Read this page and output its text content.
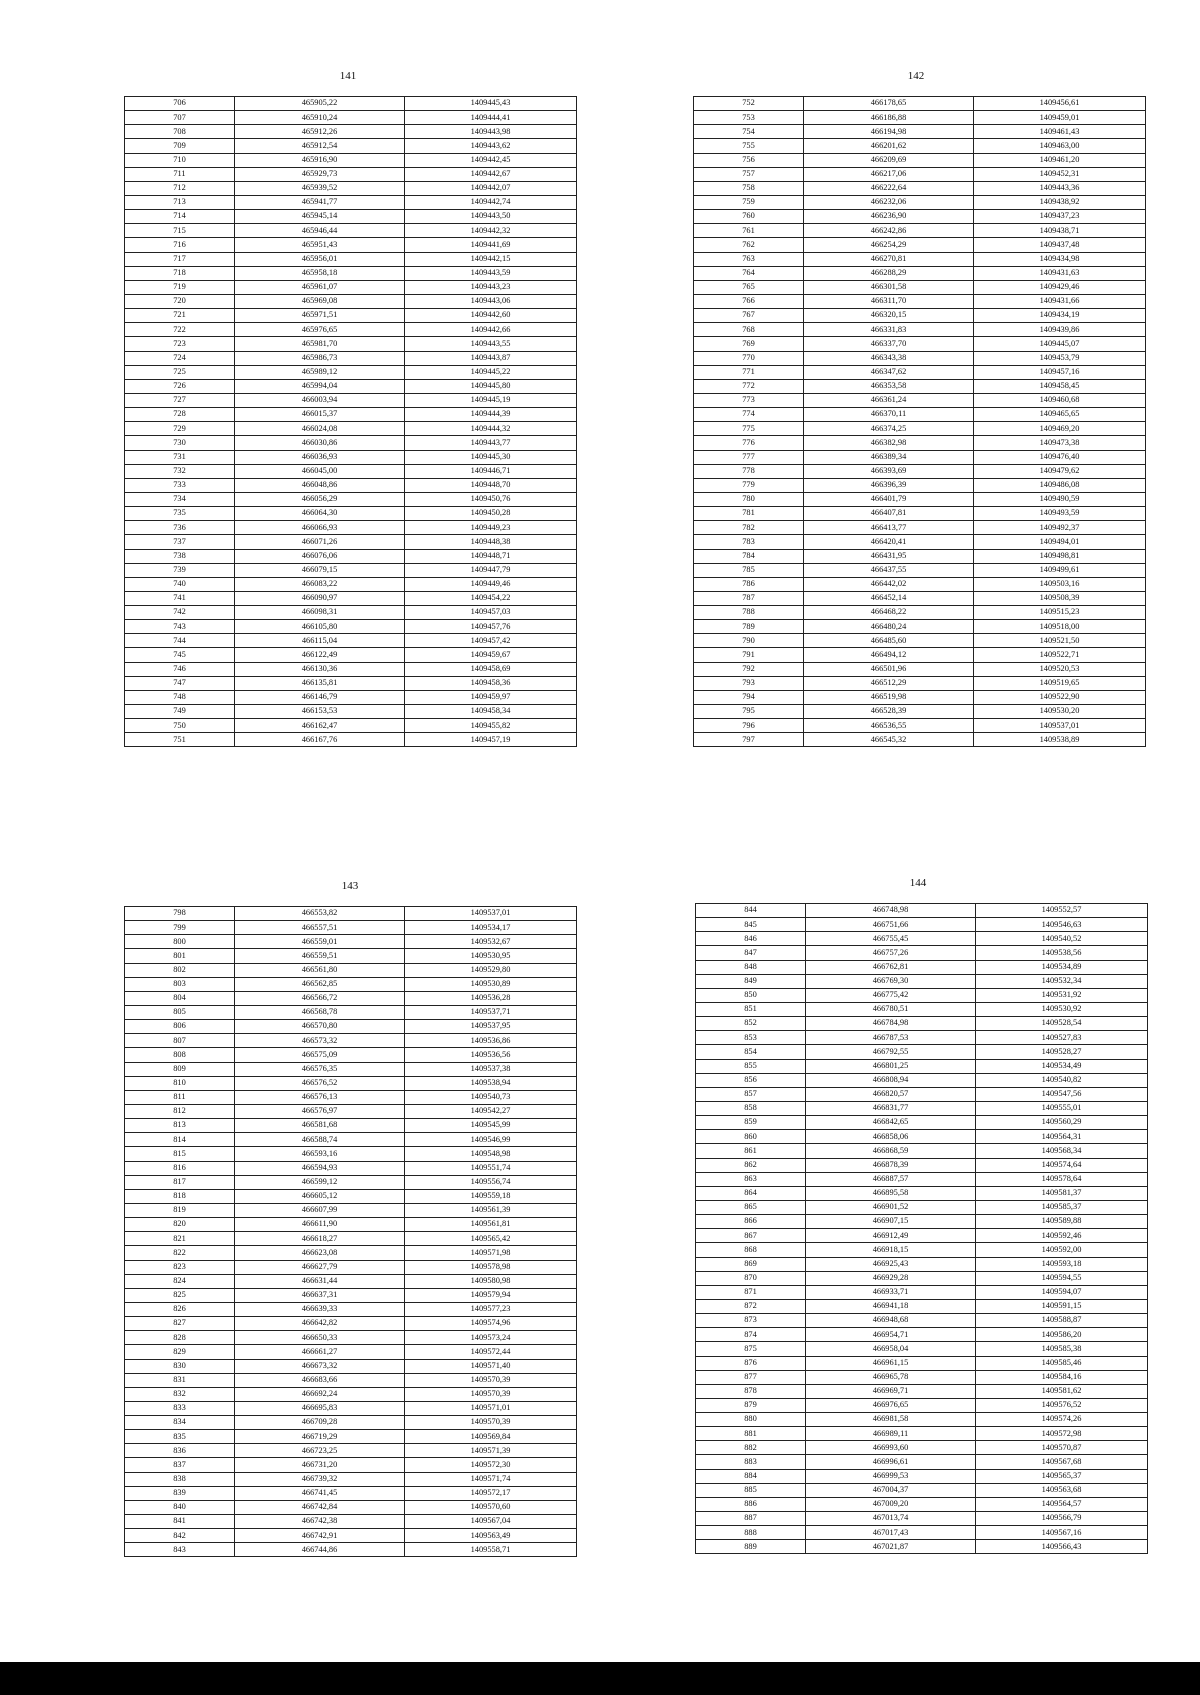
141
706	465905,22	1409445,43
707	465910,24	1409444,41
708	465912,26	1409443,98
709	465912,54	1409443,62
710	465916,90	1409442,45
711	465929,73	1409442,67
712	465939,52	1409442,07
713	465941,77	1409442,74
714	465945,14	1409443,50
715	465946,44	1409442,32
716	465951,43	1409441,69
717	465956,01	1409442,15
718	465958,18	1409443,59
719	465961,07	1409443,23
720	465969,08	1409443,06
721	465971,51	1409442,60
722	465976,65	1409442,66
723	465981,70	1409443,55
724	465986,73	1409443,87
725	465989,12	1409445,22
726	465994,04	1409445,80
727	466003,94	1409445,19
728	466015,37	1409444,39
729	466024,08	1409444,32
730	466030,86	1409443,77
731	466036,93	1409445,30
732	466045,00	1409446,71
733	466048,86	1409448,70
734	466056,29	1409450,76
735	466064,30	1409450,28
736	466066,93	1409449,23
737	466071,26	1409448,38
738	466076,06	1409448,71
739	466079,15	1409447,79
740	466083,22	1409449,46
741	466090,97	1409454,22
742	466098,31	1409457,03
743	466105,80	1409457,76
744	466115,04	1409457,42
745	466122,49	1409459,67
746	466130,36	1409458,69
747	466135,81	1409458,36
748	466146,79	1409459,97
749	466153,53	1409458,34
750	466162,47	1409455,82
751	466167,76	1409457,19
142
752	466178,65	1409456,61
753	466186,88	1409459,01
754	466194,98	1409461,43
755	466201,62	1409463,00
756	466209,69	1409461,20
757	466217,06	1409452,31
758	466222,64	1409443,36
759	466232,06	1409438,92
760	466236,90	1409437,23
761	466242,86	1409438,71
762	466254,29	1409437,48
763	466270,81	1409434,98
764	466288,29	1409431,63
765	466301,58	1409429,46
766	466311,70	1409431,66
767	466320,15	1409434,19
768	466331,83	1409439,86
769	466337,70	1409445,07
770	466343,38	1409453,79
771	466347,62	1409457,16
772	466353,58	1409458,45
773	466361,24	1409460,68
774	466370,11	1409465,65
775	466374,25	1409469,20
776	466382,98	1409473,38
777	466389,34	1409476,40
778	466393,69	1409479,62
779	466396,39	1409486,08
780	466401,79	1409490,59
781	466407,81	1409493,59
782	466413,77	1409492,37
783	466420,41	1409494,01
784	466431,95	1409498,81
785	466437,55	1409499,61
786	466442,02	1409503,16
787	466452,14	1409508,39
788	466468,22	1409515,23
789	466480,24	1409518,00
790	466485,60	1409521,50
791	466494,12	1409522,71
792	466501,96	1409520,53
793	466512,29	1409519,65
794	466519,98	1409522,90
795	466528,39	1409530,20
796	466536,55	1409537,01
797	466545,32	1409538,89
143
798	466553,82	1409537,01
799	466557,51	1409534,17
800	466559,01	1409532,67
801	466559,51	1409530,95
802	466561,80	1409529,80
803	466562,85	1409530,89
804	466566,72	1409536,28
805	466568,78	1409537,71
806	466570,80	1409537,95
807	466573,32	1409536,86
808	466575,09	1409536,56
809	466576,35	1409537,38
810	466576,52	1409538,94
811	466576,13	1409540,73
812	466576,97	1409542,27
813	466581,68	1409545,99
814	466588,74	1409546,99
815	466593,16	1409548,98
816	466594,93	1409551,74
817	466599,12	1409556,74
818	466605,12	1409559,18
819	466607,99	1409561,39
820	466611,90	1409561,81
821	466618,27	1409565,42
822	466623,08	1409571,98
823	466627,79	1409578,98
824	466631,44	1409580,98
825	466637,31	1409579,94
826	466639,33	1409577,23
827	466642,82	1409574,96
828	466650,33	1409573,24
829	466661,27	1409572,44
830	466673,32	1409571,40
831	466683,66	1409570,39
832	466692,24	1409570,39
833	466695,83	1409571,01
834	466709,28	1409570,39
835	466719,29	1409569,84
836	466723,25	1409571,39
837	466731,20	1409572,30
838	466739,32	1409571,74
839	466741,45	1409572,17
840	466742,84	1409570,60
841	466742,38	1409567,04
842	466742,91	1409563,49
843	466744,86	1409558,71
144
844	466748,98	1409552,57
845	466751,66	1409546,63
846	466755,45	1409540,52
847	466757,26	1409538,56
848	466762,81	1409534,89
849	466769,30	1409532,34
850	466775,42	1409531,92
851	466780,51	1409530,92
852	466784,98	1409528,54
853	466787,53	1409527,83
854	466792,55	1409528,27
855	466801,25	1409534,49
856	466808,94	1409540,82
857	466820,57	1409547,56
858	466831,77	1409555,01
859	466842,65	1409560,29
860	466858,06	1409564,31
861	466868,59	1409568,34
862	466878,39	1409574,64
863	466887,57	1409578,64
864	466895,58	1409581,37
865	466901,52	1409585,37
866	466907,15	1409589,88
867	466912,49	1409592,46
868	466918,15	1409592,00
869	466925,43	1409593,18
870	466929,28	1409594,55
871	466933,71	1409594,07
872	466941,18	1409591,15
873	466948,68	1409588,87
874	466954,71	1409586,20
875	466958,04	1409585,38
876	466961,15	1409585,46
877	466965,78	1409584,16
878	466969,71	1409581,62
879	466976,65	1409576,52
880	466981,58	1409574,26
881	466989,11	1409572,98
882	466993,60	1409570,87
883	466996,61	1409567,68
884	466999,53	1409565,37
885	467004,37	1409563,68
886	467009,20	1409564,57
887	467013,74	1409566,79
888	467017,43	1409567,16
889	467021,87	1409566,43
